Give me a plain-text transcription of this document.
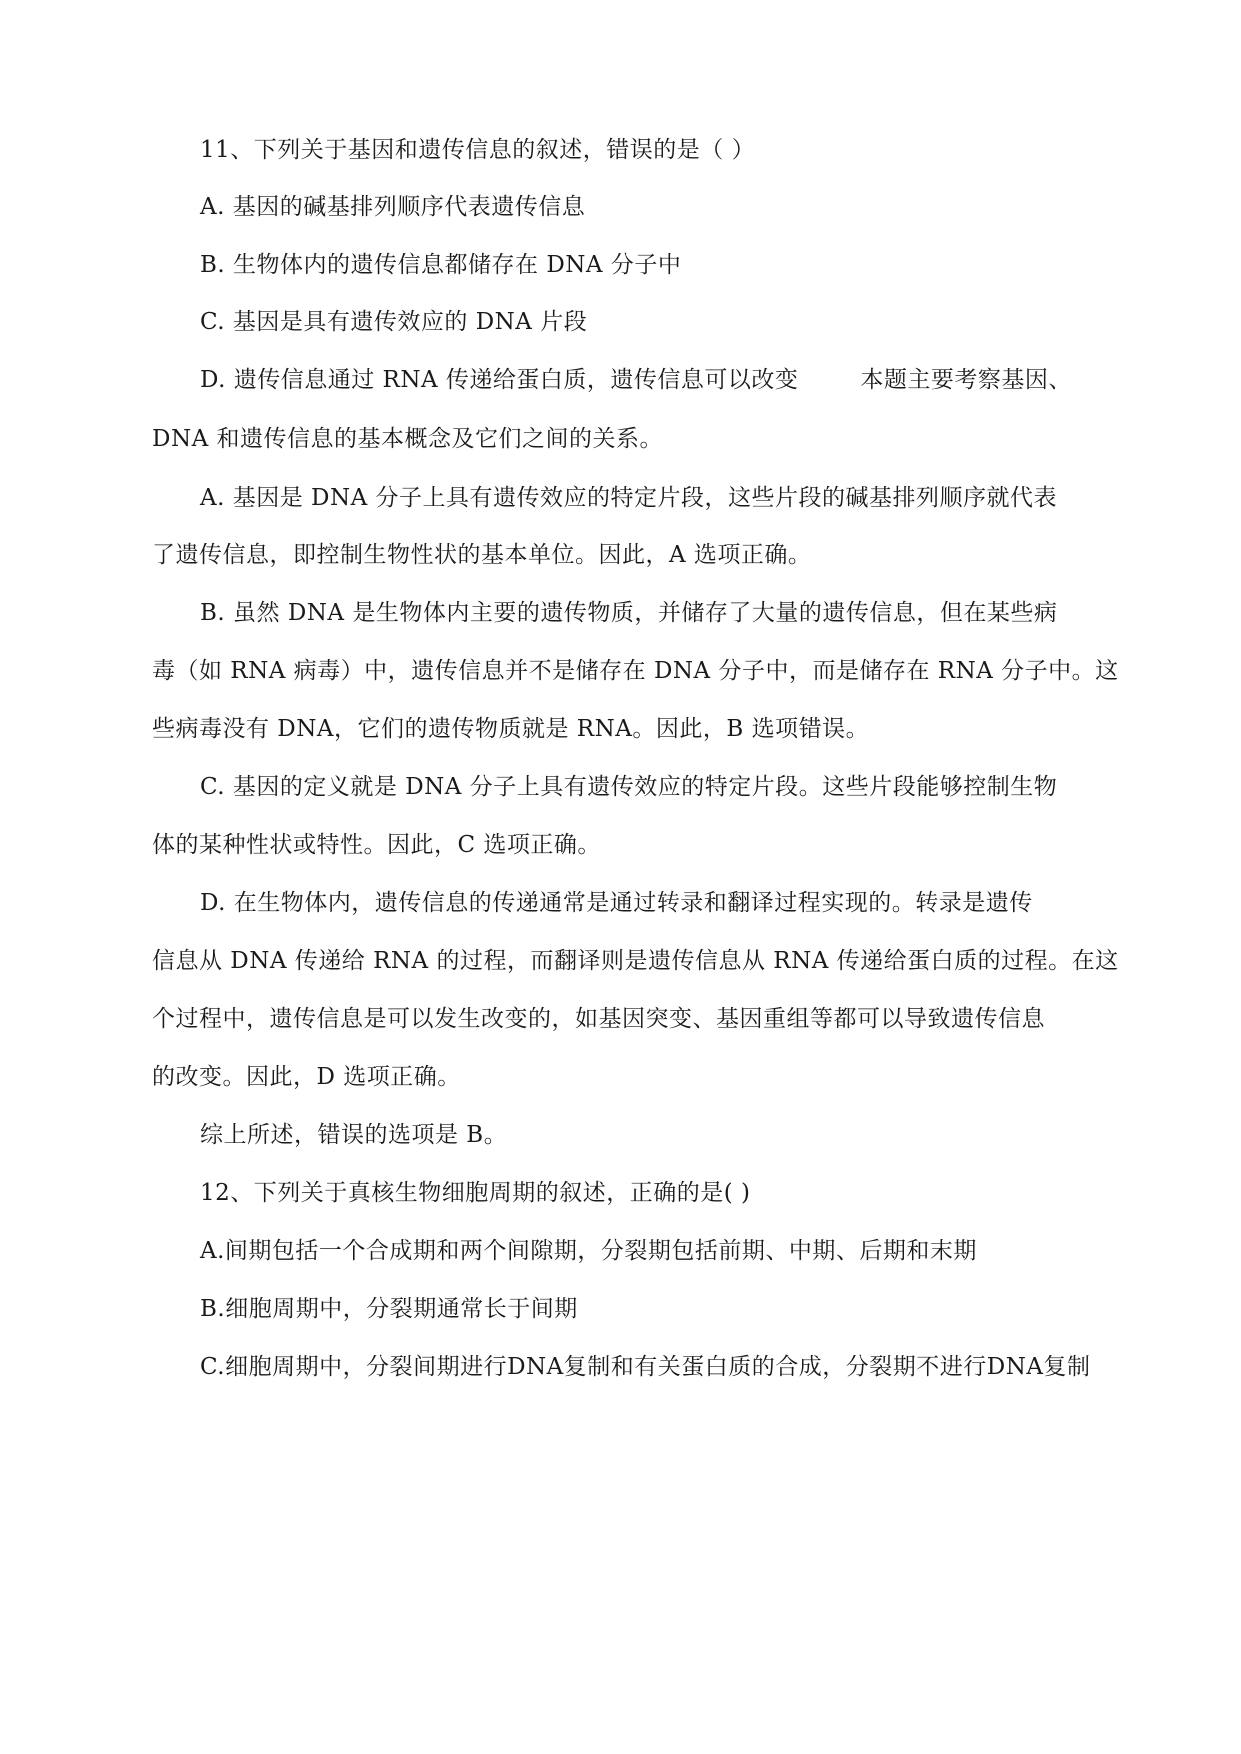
11、下列关于基因和遗传信息的叙述，错误的是（ ）
A. 基因的碱基排列顺序代表遗传信息
B. 生物体内的遗传信息都储存在 DNA 分子中
C. 基因是具有遗传效应的 DNA 片段
D. 遗传信息通过 RNA 传递给蛋白质，遗传信息可以改变	本题主要考察基因、
DNA 和遗传信息的基本概念及它们之间的关系。
A. 基因是 DNA 分子上具有遗传效应的特定片段，这些片段的碱基排列顺序就代表
了遗传信息，即控制生物性状的基本单位。因此，A 选项正确。
B. 虽然 DNA 是生物体内主要的遗传物质，并储存了大量的遗传信息，但在某些病
毒（如 RNA 病毒）中，遗传信息并不是储存在 DNA 分子中，而是储存在 RNA 分子中。这
些病毒没有 DNA，它们的遗传物质就是 RNA。因此，B 选项错误。
C. 基因的定义就是 DNA 分子上具有遗传效应的特定片段。这些片段能够控制生物
体的某种性状或特性。因此，C 选项正确。
D. 在生物体内，遗传信息的传递通常是通过转录和翻译过程实现的。转录是遗传
信息从 DNA 传递给 RNA 的过程，而翻译则是遗传信息从 RNA 传递给蛋白质的过程。在这
个过程中，遗传信息是可以发生改变的，如基因突变、基因重组等都可以导致遗传信息
的改变。因此，D 选项正确。
综上所述，错误的选项是 B。
12、下列关于真核生物细胞周期的叙述，正确的是( )
A.间期包括一个合成期和两个间隙期，分裂期包括前期、中期、后期和末期
B.细胞周期中，分裂期通常长于间期
C.细胞周期中，分裂间期进行DNA复制和有关蛋白质的合成，分裂期不进行DNA复制
